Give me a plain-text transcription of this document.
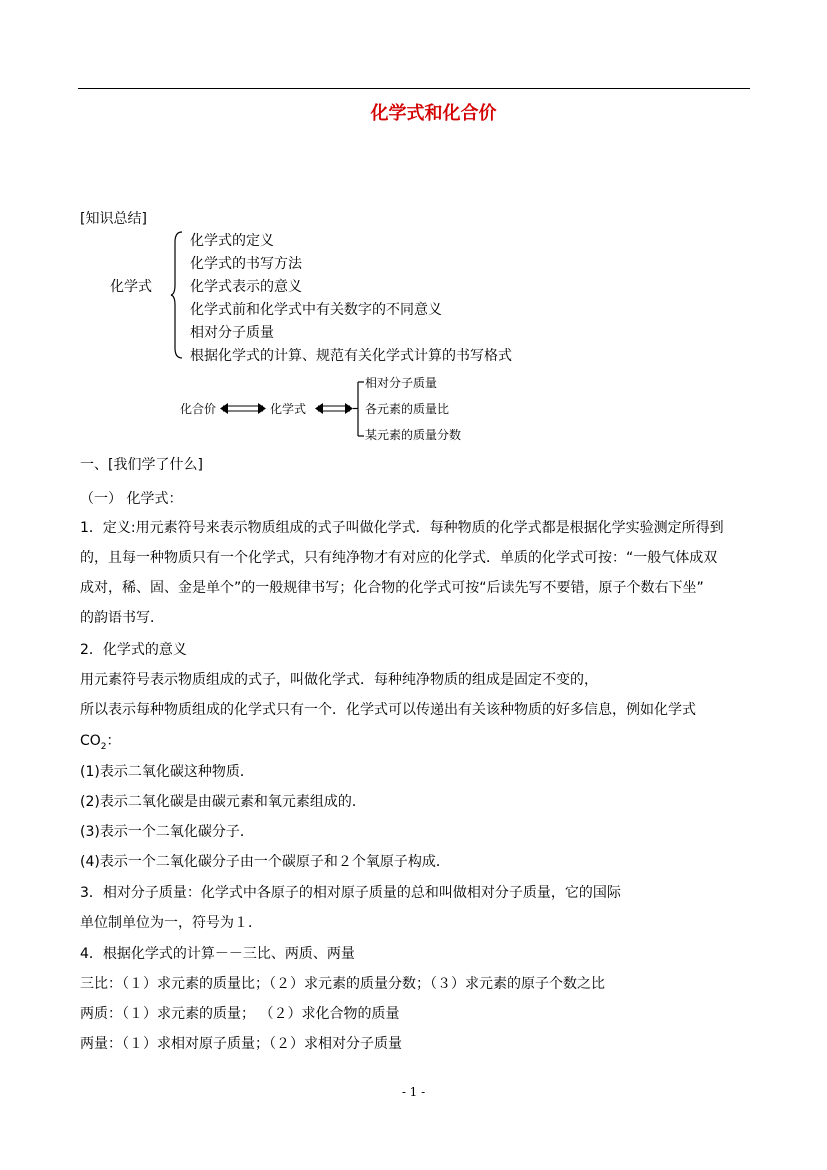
化学式和化合价
[知识总结]
化学式
化学式的定义
化学式的书写方法
化学式表示的意义
化学式前和化学式中有关数字的不同意义
相对分子质量
根据化学式的计算、规范有关化学式计算的书写格式
化合价	化学式
相对分子质量
各元素的质量比
某元素的质量分数
一、[我们学了什么]
（一） 化学式：
1．定义:用元素符号来表示物质组成的式子叫做化学式．每种物质的化学式都是根据化学实验测定所得到
的，且每一种物质只有一个化学式，只有纯净物才有对应的化学式．单质的化学式可按：“一般气体成双
成对，稀、固、金是单个”的一般规律书写；化合物的化学式可按“后读先写不要错，原子个数右下坐”
的韵语书写．
2．化学式的意义
用元素符号表示物质组成的式子，叫做化学式．每种纯净物质的组成是固定不变的，
所以表示每种物质组成的化学式只有一个．化学式可以传递出有关该种物质的好多信息，例如化学式
$CO_2$：
(1)表示二氧化碳这种物质．
(2)表示二氧化碳是由碳元素和氧元素组成的．
(3)表示一个二氧化碳分子．
(4)表示一个二氧化碳分子由一个碳原子和２个氧原子构成．
3．相对分子质量：化学式中各原子的相对原子质量的总和叫做相对分子质量，它的国际
单位制单位为一，符号为１．
4．根据化学式的计算－－三比、两质、两量
三比：（１）求元素的质量比；（２）求元素的质量分数；（３）求元素的原子个数之比
两质：（１）求元素的质量； （２）求化合物的质量
两量：（１）求相对原子质量；（２）求相对分子质量
- 1 -
